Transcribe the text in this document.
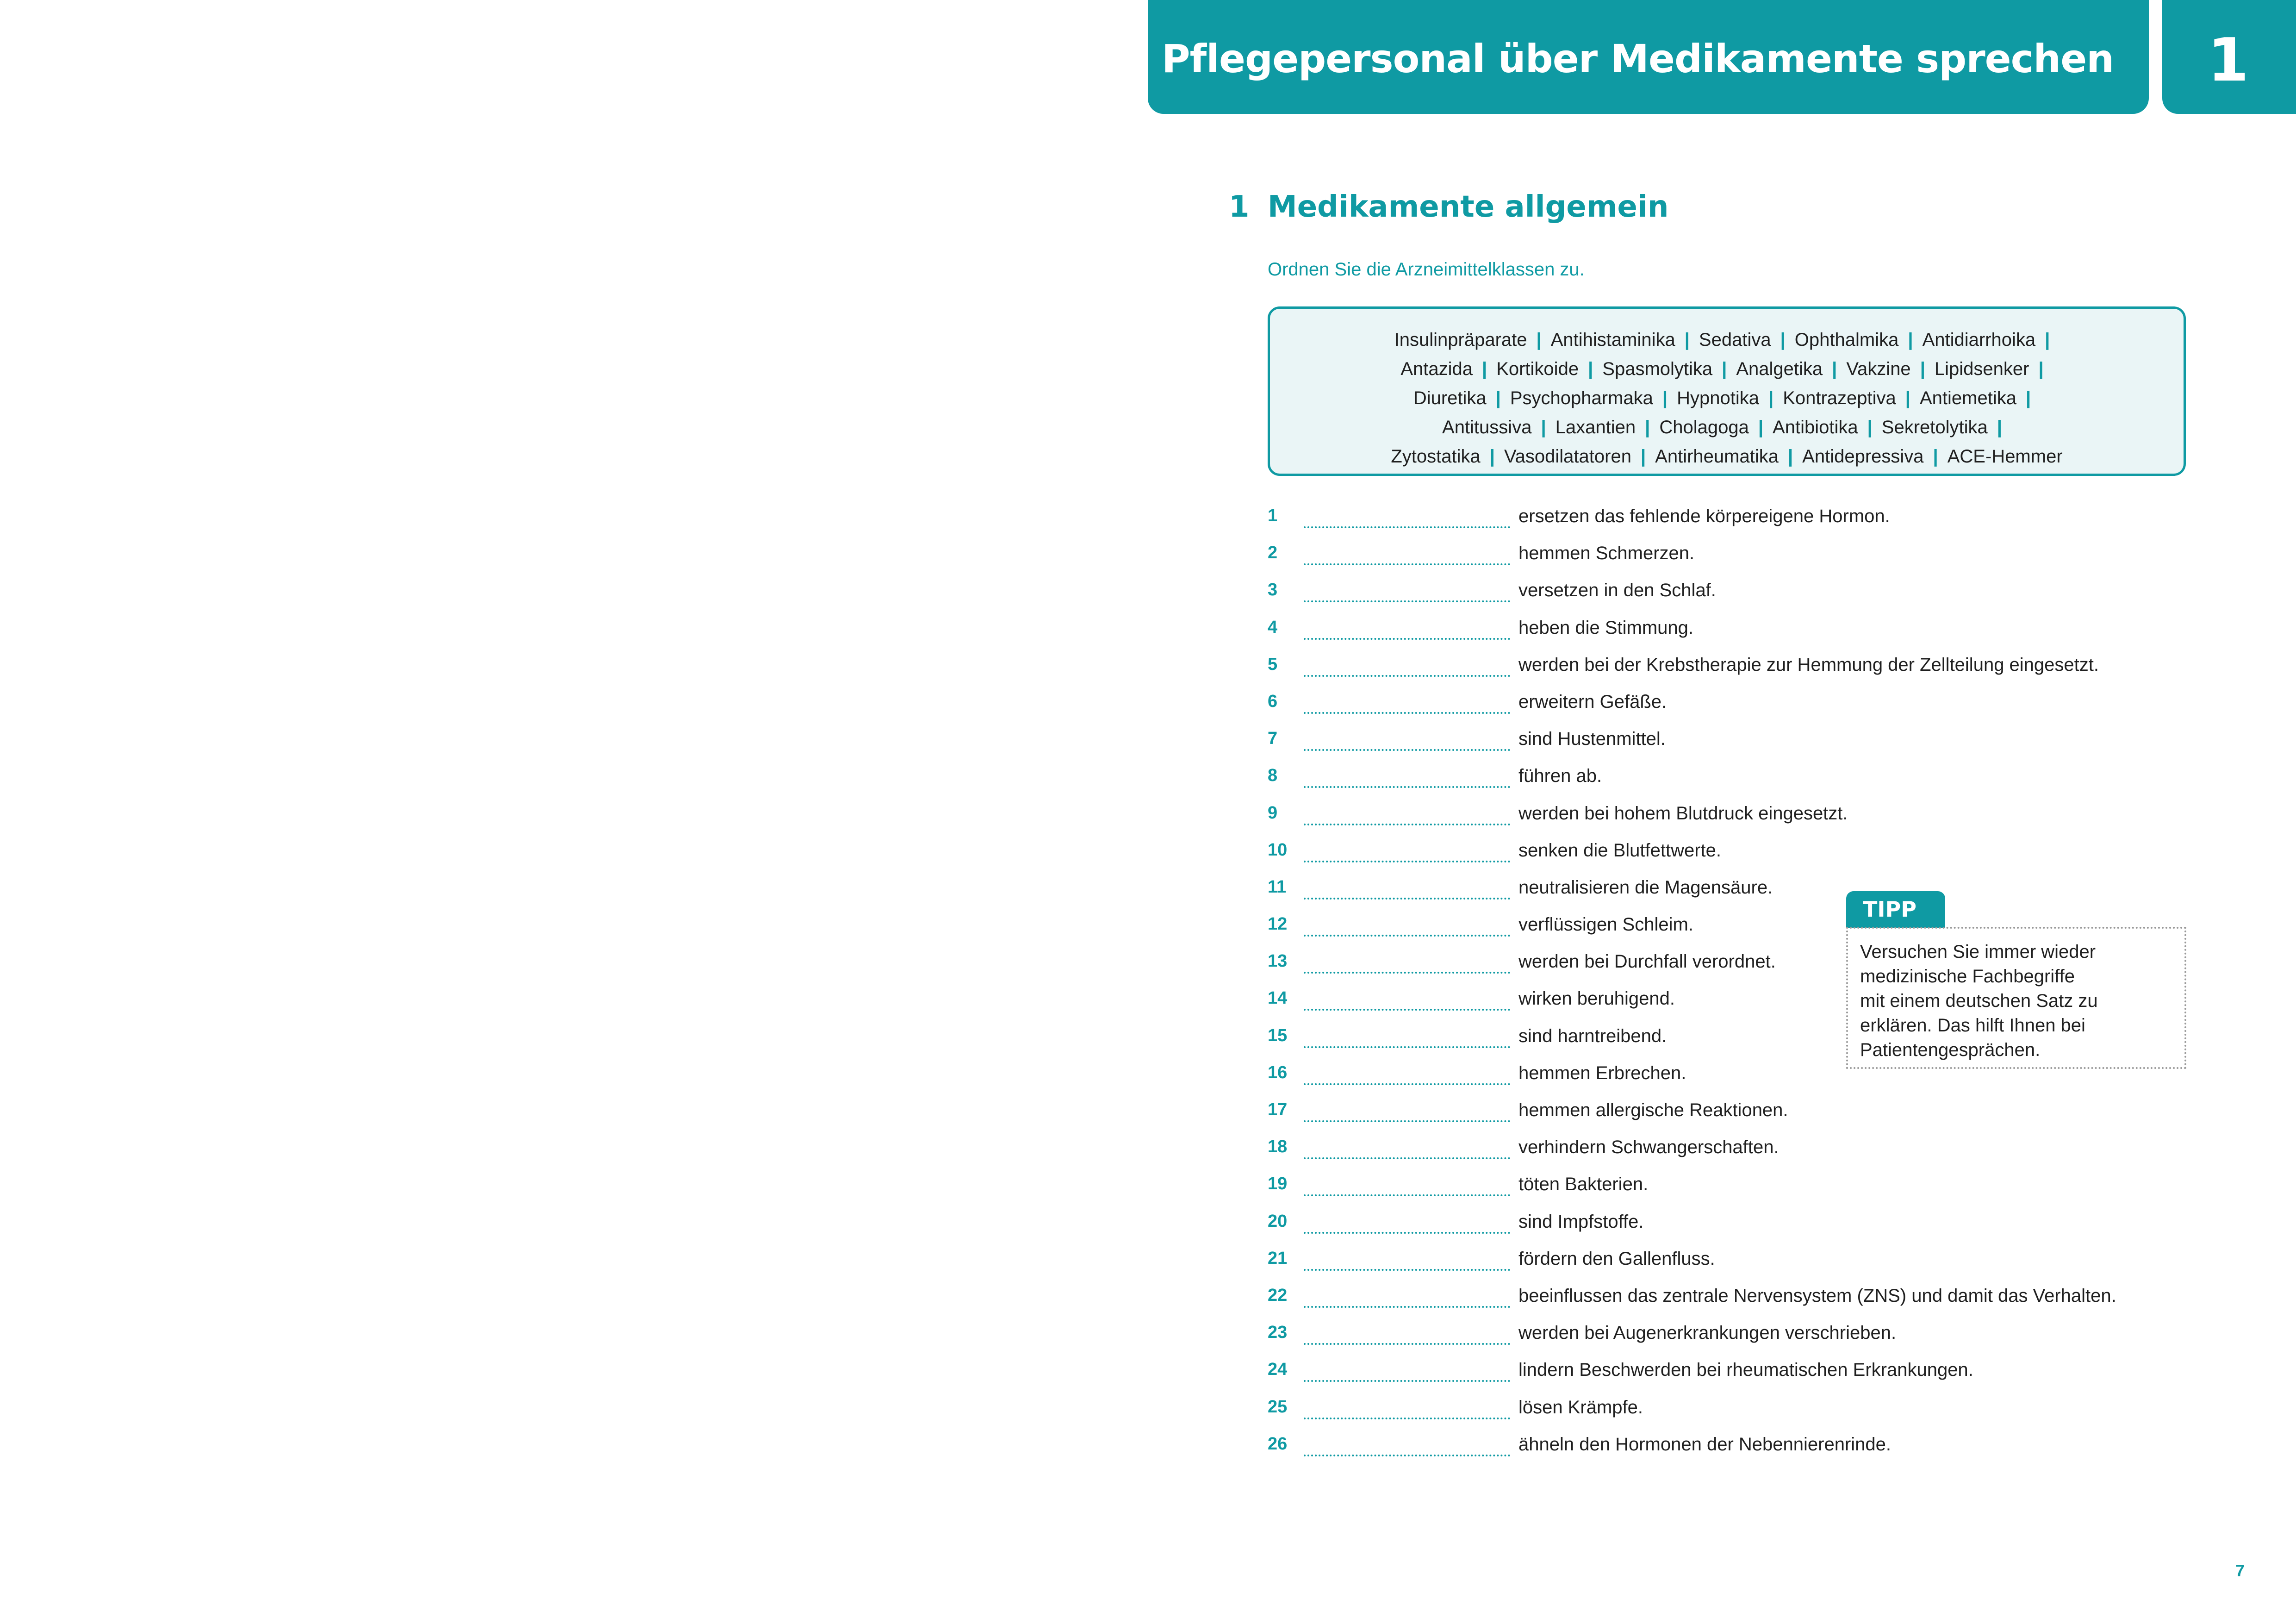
Mit Pflegepersonal über Medikamente sprechen 1
1 Medikamente allgemein
Ordnen Sie die Arzneimittelklassen zu.
Insulinpräparate | Antihistaminika | Sedativa | Ophthalmika | Antidiarrhoika |
Antazida | Kortikoide | Spasmolytika | Analgetika | Vakzine | Lipidsenker |
Diuretika | Psychopharmaka | Hypnotika | Kontrazeptiva | Antiemetika |
Antitussiva | Laxantien | Cholagoga | Antibiotika | Sekretolytika |
Zytostatika | Vasodilatatoren | Antirheumatika | Antidepressiva | ACE-Hemmer
1	ersetzen das fehlende körpereigene Hormon.
2	hemmen Schmerzen.
3	versetzen in den Schlaf.
4	heben die Stimmung.
5	werden bei der Krebstherapie zur Hemmung der Zellteilung eingesetzt.
6	erweitern Gefäße.
7	sind Hustenmittel.
8	führen ab.
9	werden bei hohem Blutdruck eingesetzt.
10	senken die Blutfettwerte.
11	neutralisieren die Magensäure.
12	verflüssigen Schleim.
13	werden bei Durchfall verordnet.
14	wirken beruhigend.
15	sind harntreibend.
16	hemmen Erbrechen.
17	hemmen allergische Reaktionen.
18	verhindern Schwangerschaften.
19	töten Bakterien.
20	sind Impfstoffe.
21	fördern den Gallenfluss.
22	beeinflussen das zentrale Nervensystem (ZNS) und damit das Verhalten.
23	werden bei Augenerkrankungen verschrieben.
24	lindern Beschwerden bei rheumatischen Erkrankungen.
25	lösen Krämpfe.
26	ähneln den Hormonen der Nebennierenrinde.
TIPP
Versuchen Sie immer wieder
medizinische Fachbegriffe
mit einem deutschen Satz zu
erklären. Das hilft Ihnen bei
Patientengesprächen.
7
